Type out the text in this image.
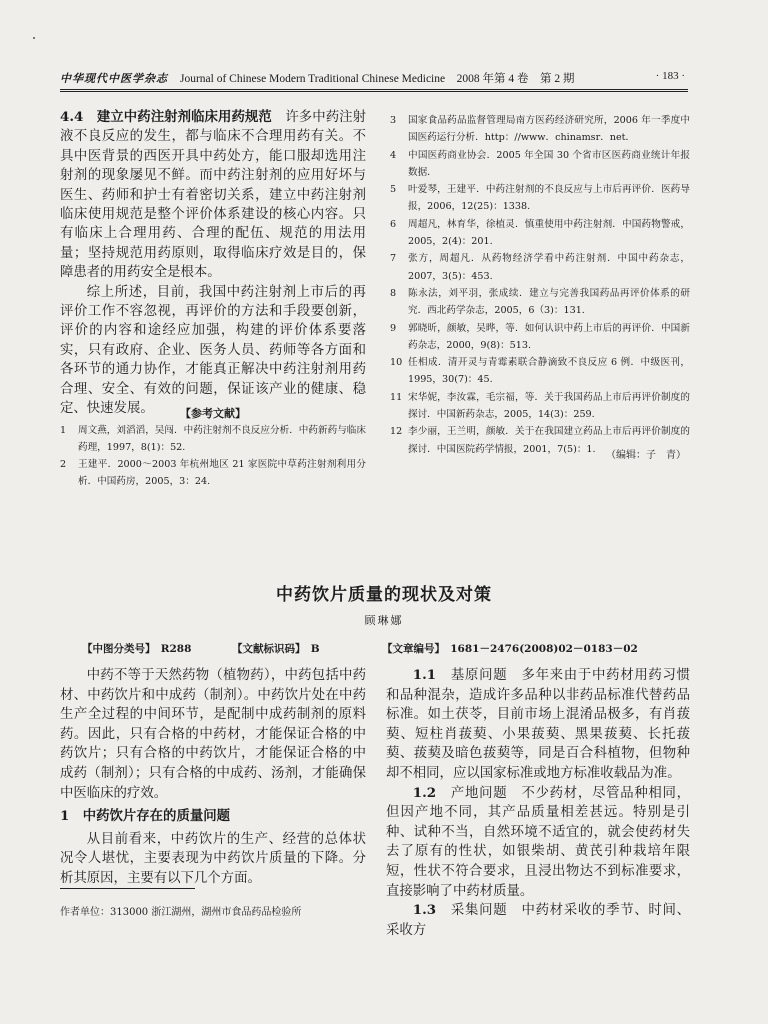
中华现代中医学杂志 Journal of Chinese Modern Traditional Chinese Medicine　 2008 年第 4 卷　第 2 期	· 183 ·

4.4　 建立中药注射剂临床用药规范　 许多中药注射液不良反应的发生，都与临床不合理用药有关。不具中医背景的西医开具中药处方，能口服却选用注射剂的现象屡见不鲜。而中药注射剂的应用好坏与医生、药师和护士有着密切关系，建立中药注射剂临床使用规范是整个评价体系建设的核心内容。只有临床上合理用药、合理的配伍、规范的用法用量；坚持规范用药原则，取得临床疗效是目的，保障患者的用药安全是根本。

综上所述，目前，我国中药注射剂上市后的再评价工作不容忽视，再评价的方法和手段要创新，评价的内容和途经应加强，构建的评价体系要落实，只有政府、企业、医务人员、药师等各方面和各环节的通力协作，才能真正解决中药注射剂用药合理、安全、有效的问题，保证该产业的健康、稳定、快速发展。	【参考文献】
1	周文燕，刘滔滔，吴闯．中药注射剂不良反应分析．中药新药与临床药理，1997，8(1)：52.
2	王建平．2000～2003 年杭州地区 21 家医院中草药注射剂利用分析．中国药房，2005，3：24.
3	国家食品药品监督管理局南方医药经济研究所，2006 年一季度中国医药运行分析．http：//www．chinamsr．net．
4	中国医药商业协会．2005 年全国 30 个省市区医药商业统计年报数据．
5	叶爱琴，王建平．中药注射剂的不良反应与上市后再评价．医药导报，2006，12(25)：1338.
6	周超凡，林育华，徐植灵．慎重使用中药注射剂．中国药物警戒，2005，2(4)：201.
7	张方，周超凡．从药物经济学看中药注射剂．中国中药杂志，2007，3(5)：453.
8	陈永法，刘平羽，张成续．建立与完善我国药品再评价体系的研究．西北药学杂志，2005，6（3)：131.
9	郭晓昕，颜敏，吴晔，等．如何认识中药上市后的再评价．中国新药杂志，2000，9(8)：513.
10 任相成．清开灵与青霉素联合静滴致不良反应 6 例．中级医刊，1995，30(7)：45.
11 宋华妮，李汝霖，毛宗福，等．关于我国药品上市后再评价制度的探讨．中国新药杂志，2005，14(3)：259.
12 李少丽，王兰明，颜敏．关于在我国建立药品上市后再评价制度的探讨．中国医院药学情报，2001，7(5)：1.
（编辑：子　青）
中药饮片质量的现状及对策
顾琳娜
【中图分类号】　 R288	【文献标识码】　 B	【文章编号】　 1681－2476(2008)02－0183－02

中药不等于天然药物（植物药），中药包括中药材、中药饮片和中成药（制剂）。中药饮片处在中药生产全过程的中间环节，是配制中成药制剂的原料药。因此，只有合格的中药材，才能保证合格的中药饮片；只有合格的中药饮片，才能保证合格的中成药（制剂）；只有合格的中成药、汤剂，才能确保中医临床的疗效。

1　中药饮片存在的质量问题

从目前看来，中药饮片的生产、经营的总体状况令人堪忧，主要表现为中药饮片质量的下降。分析其原因，主要有以下几个方面。

作者单位：313000 浙江湖州，湖州市食品药品检验所

1.1　 基原问题　 多年来由于中药材用药习惯和品种混杂，造成许多品种以非药品标准代替药品标准。如土茯苓，目前市场上混淆品极多，有肖菝葜、短柱肖菝葜、小果菝葜、黑果菝葜、长托菝葜、菝葜及暗色菝葜等，同是百合科植物，但物种却不相同，应以国家标准或地方标准收载品为准。

1.2　 产地问题　 不少药材，尽管品种相同，但因产地不同，其产品质量相差甚远。特别是引种、试种不当，自然环境不适宜的，就会使药材失去了原有的性状，如银柴胡、黄芪引种栽培年限短，性状不符合要求，且浸出物达不到标准要求，直接影响了中药材质量。

1.3　 采集问题　 中药材采收的季节、时间、采收方
